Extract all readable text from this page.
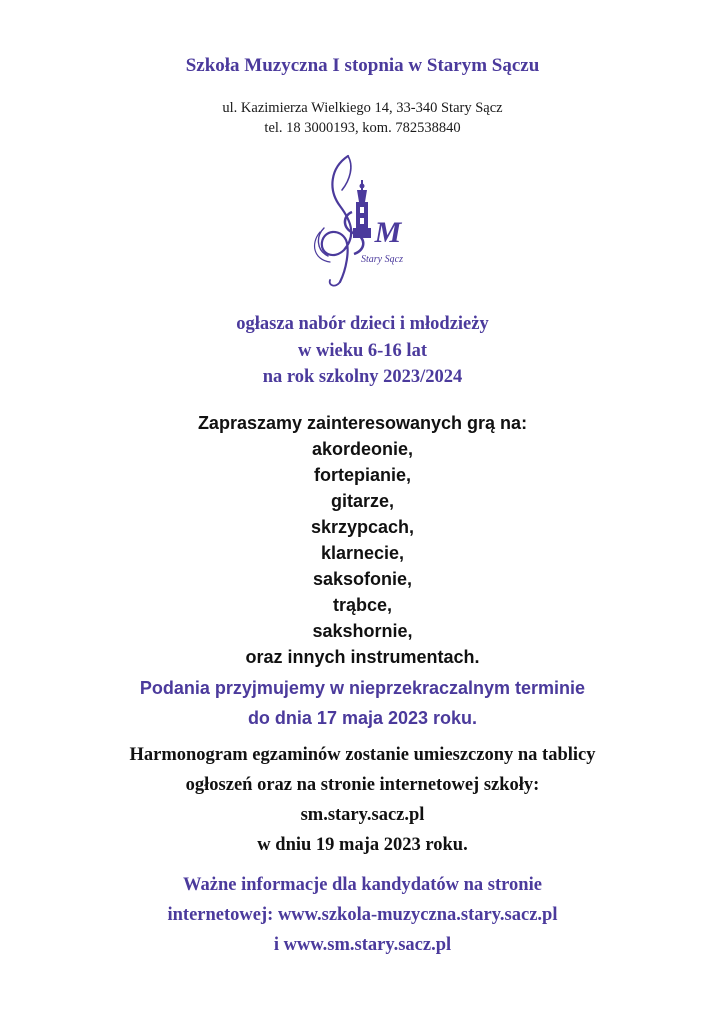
Szkoła Muzyczna I stopnia w Starym Sączu
ul. Kazimierza Wielkiego 14, 33-340 Stary Sącz
tel. 18 3000193, kom. 782538840
M
Stary Sącz
ogłasza nabór dzieci i młodzieży
w wieku 6-16 lat
na rok szkolny 2023/2024
Zapraszamy zainteresowanych grą na:
akordeonie,
fortepianie,
gitarze,
skrzypcach,
klarnecie,
saksofonie,
trąbce,
sakshornie,
oraz innych instrumentach.
Podania przyjmujemy w nieprzekraczalnym terminie
do dnia 17 maja 2023 roku.
Harmonogram egzaminów zostanie umieszczony na tablicy
ogłoszeń oraz na stronie internetowej szkoły:
sm.stary.sacz.pl
w dniu 19 maja 2023 roku.
Ważne informacje dla kandydatów na stronie
internetowej: www.szkola-muzyczna.stary.sacz.pl
i www.sm.stary.sacz.pl
